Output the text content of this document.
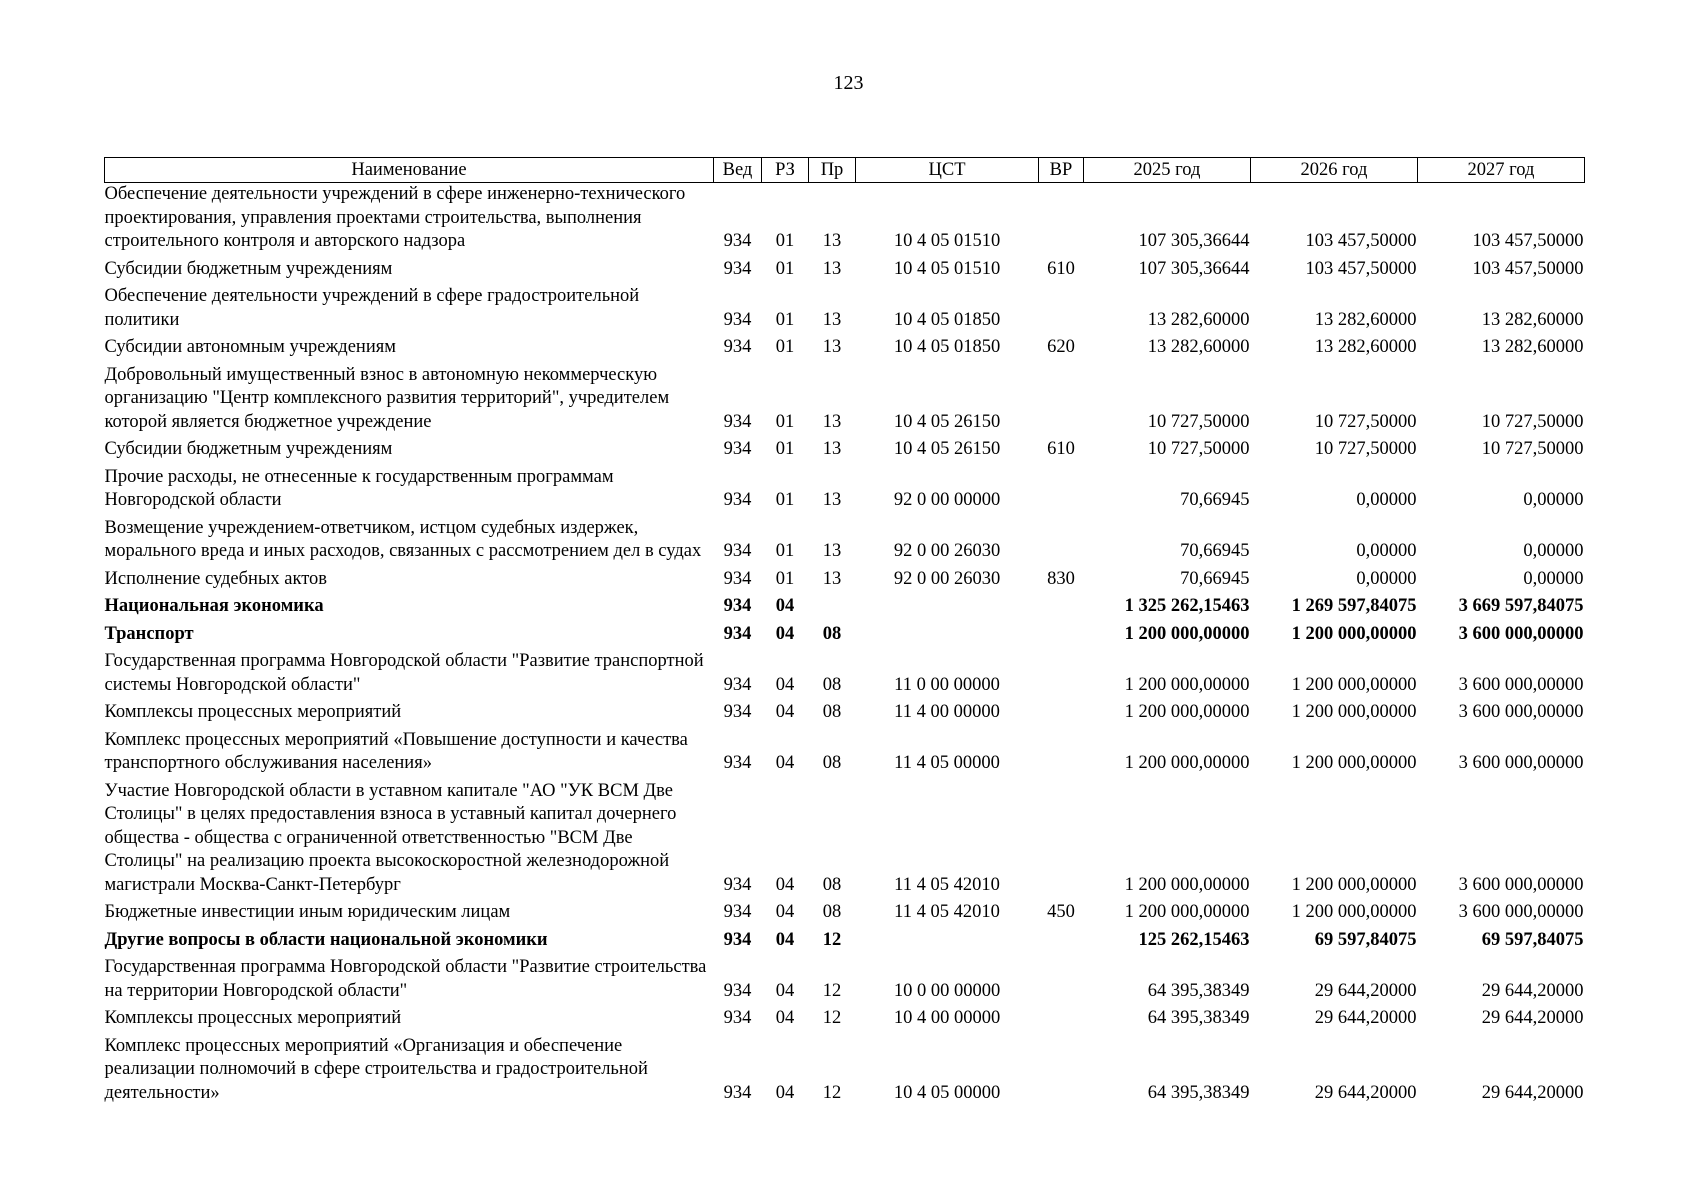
123
Наименование	Вед	РЗ	Пр	ЦСТ	ВР	2025 год	2026 год	2027 год
Обеспечение деятельности учреждений в сфере инженерно-технического проектирования, управления проектами строительства, выполнения строительного контроля и авторского надзора	934	01	13	10 4 05 01510		107 305,36644	103 457,50000	103 457,50000
Субсидии бюджетным учреждениям	934	01	13	10 4 05 01510	610	107 305,36644	103 457,50000	103 457,50000
Обеспечение деятельности учреждений в сфере градостроительной политики	934	01	13	10 4 05 01850		13 282,60000	13 282,60000	13 282,60000
Субсидии автономным учреждениям	934	01	13	10 4 05 01850	620	13 282,60000	13 282,60000	13 282,60000
Добровольный имущественный взнос в автономную некоммерческую организацию "Центр комплексного развития территорий", учредителем которой является бюджетное учреждение	934	01	13	10 4 05 26150		10 727,50000	10 727,50000	10 727,50000
Субсидии бюджетным учреждениям	934	01	13	10 4 05 26150	610	10 727,50000	10 727,50000	10 727,50000
Прочие расходы, не отнесенные к государственным программам Новгородской области	934	01	13	92 0 00 00000		70,66945	0,00000	0,00000
Возмещение учреждением-ответчиком, истцом судебных издержек, морального вреда и иных расходов, связанных с рассмотрением дел в судах	934	01	13	92 0 00 26030		70,66945	0,00000	0,00000
Исполнение судебных актов	934	01	13	92 0 00 26030	830	70,66945	0,00000	0,00000
Национальная экономика	934	04				1 325 262,15463	1 269 597,84075	3 669 597,84075
Транспорт	934	04	08			1 200 000,00000	1 200 000,00000	3 600 000,00000
Государственная программа Новгородской области "Развитие транспортной системы Новгородской области"	934	04	08	11 0 00 00000		1 200 000,00000	1 200 000,00000	3 600 000,00000
Комплексы процессных мероприятий	934	04	08	11 4 00 00000		1 200 000,00000	1 200 000,00000	3 600 000,00000
Комплекс процессных мероприятий «Повышение доступности и качества транспортного обслуживания населения»	934	04	08	11 4 05 00000		1 200 000,00000	1 200 000,00000	3 600 000,00000
Участие Новгородской области в уставном капитале "АО "УК ВСМ Две Столицы" в целях предоставления взноса в уставный капитал дочернего общества - общества с ограниченной ответственностью "ВСМ Две Столицы" на реализацию проекта высокоскоростной железнодорожной магистрали Москва-Санкт-Петербург	934	04	08	11 4 05 42010		1 200 000,00000	1 200 000,00000	3 600 000,00000
Бюджетные инвестиции иным юридическим лицам	934	04	08	11 4 05 42010	450	1 200 000,00000	1 200 000,00000	3 600 000,00000
Другие вопросы в области национальной экономики	934	04	12			125 262,15463	69 597,84075	69 597,84075
Государственная программа Новгородской области "Развитие строительства на территории Новгородской области"	934	04	12	10 0 00 00000		64 395,38349	29 644,20000	29 644,20000
Комплексы процессных мероприятий	934	04	12	10 4 00 00000		64 395,38349	29 644,20000	29 644,20000
Комплекс процессных мероприятий «Организация и обеспечение реализации полномочий в сфере строительства и градостроительной деятельности»	934	04	12	10 4 05 00000		64 395,38349	29 644,20000	29 644,20000
